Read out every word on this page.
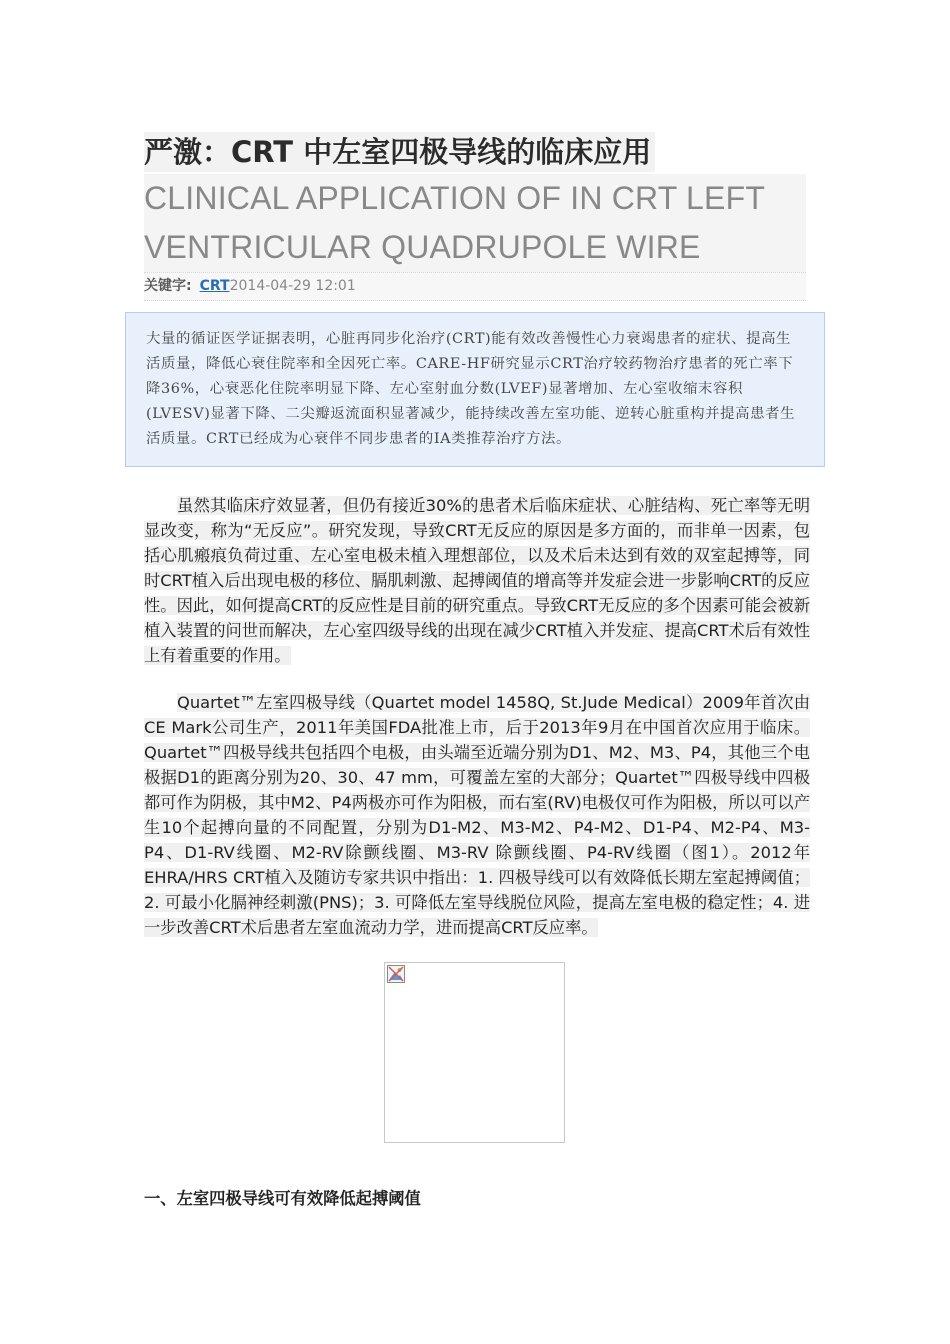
严激：CRT 中左室四极导线的临床应用
CLINICAL APPLICATION OF IN CRT LEFT VENTRICULAR QUADRUPOLE WIRE
关键字: CRT2014-04-29 12:01

大量的循证医学证据表明，心脏再同步化治疗(CRT)能有效改善慢性心力衰竭患者的症状、提高生活质量，降低心衰住院率和全因死亡率。CARE-HF研究显示CRT治疗较药物治疗患者的死亡率下降36%，心衰恶化住院率明显下降、左心室射血分数(LVEF)显著增加、左心室收缩末容积(LVESV)显著下降、二尖瓣返流面积显著减少，能持续改善左室功能、逆转心脏重构并提高患者生活质量。CRT已经成为心衰伴不同步患者的ⅠA类推荐治疗方法。

虽然其临床疗效显著，但仍有接近30%的患者术后临床症状、心脏结构、死亡率等无明显改变，称为“无反应”。研究发现，导致CRT无反应的原因是多方面的，而非单一因素，包括心肌瘢痕负荷过重、左心室电极未植入理想部位，以及术后未达到有效的双室起搏等，同时CRT植入后出现电极的移位、膈肌刺激、起搏阈值的增高等并发症会进一步影响CRT的反应性。因此，如何提高CRT的反应性是目前的研究重点。导致CRT无反应的多个因素可能会被新植入装置的问世而解决，左心室四级导线的出现在减少CRT植入并发症、提高CRT术后有效性上有着重要的作用。

Quartet™左室四极导线（Quartet model 1458Q, St.Jude Medical）2009年首次由CE Mark公司生产，2011年美国FDA批准上市，后于2013年9月在中国首次应用于临床。Quartet™四极导线共包括四个电极，由头端至近端分别为D1、M2、M3、P4，其他三个电极据D1的距离分别为20、30、47 mm，可覆盖左室的大部分；Quartet™四极导线中四极都可作为阴极，其中M2、P4两极亦可作为阳极，而右室(RV)电极仅可作为阳极，所以可以产生10个起搏向量的不同配置，分别为D1-M2、M3-M2、P4-M2、D1-P4、M2-P4、M3-P4、D1-RV线圈、M2-RV除颤线圈、M3-RV 除颤线圈、P4-RV线圈（图1）。2012年EHRA/HRS CRT植入及随访专家共识中指出：1. 四极导线可以有效降低长期左室起搏阈值；2. 可最小化膈神经刺激(PNS)；3. 可降低左室导线脱位风险，提高左室电极的稳定性；4. 进一步改善CRT术后患者左室血流动力学，进而提高CRT反应率。

一、左室四极导线可有效降低起搏阈值
